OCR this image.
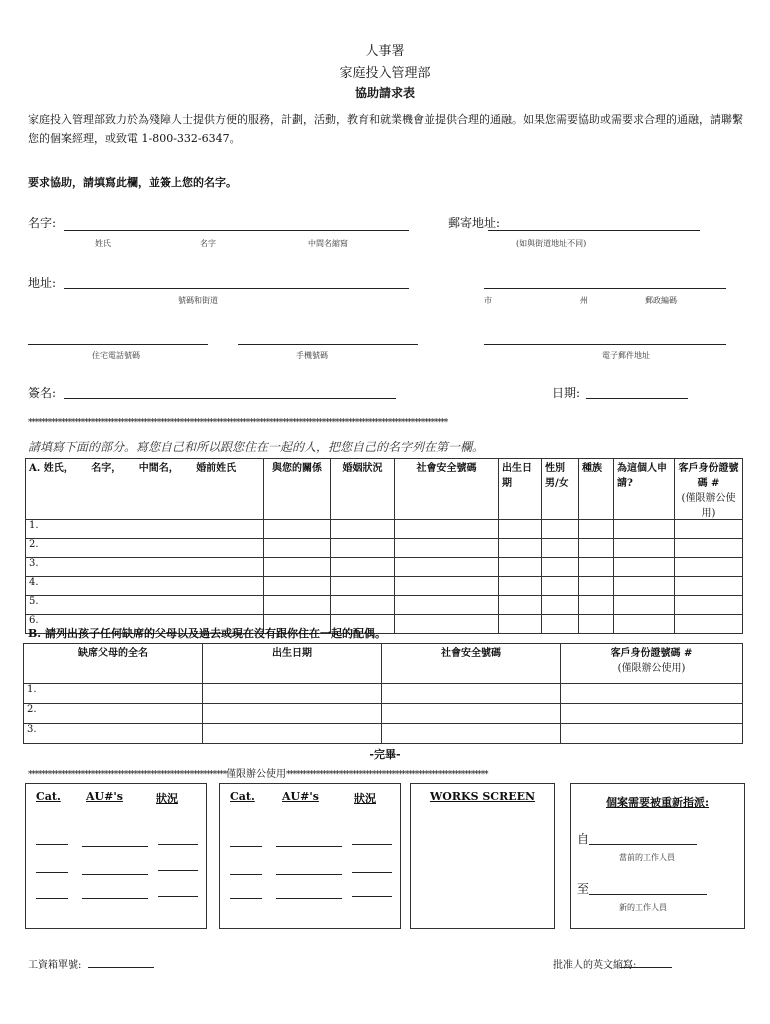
人事署
家庭投入管理部
協助請求表
家庭投入管理部致力於為殘障人士提供方便的服務，計劃，活動，教育和就業機會並提供合理的通融。如果您需要協助或需要求合理的通融，請聯繫您的個案經理，或致電 1-800-332-6347。
要求協助，請填寫此欄，並簽上您的名字。
名字:
姓氏	名字	中間名縮寫
郵寄地址:
(如與街道地址不同)
地址:
號碼和街道	市	州	郵政編碼
住宅電話號碼	手機號碼	電子郵件地址
簽名:	日期:
*******************************************************************************************************************************
請填寫下面的部分。寫您自己和所以跟您住在一起的人，把您自己的名字列在第一欄。
A. 姓氏， 名字， 中間名， 婚前姓氏	與您的關係	婚姻狀況	社會安全號碼	出生日期	性別 男/女	種族	為這個人申請?	客戶身份證號碼 #
(僅限辦公使用)

1.								
2.								
3.								
4.								
5.								
6.								
B. 請列出孩子任何缺席的父母以及過去或現在沒有跟你住在一起的配偶。
缺席父母的全名	出生日期	社會安全號碼	客戶身份證號碼 #
(僅限辦公使用)

1.			
2.			
3.			
-完畢-
************************************************************僅限辦公使用*************************************************************
Cat. AU#'s	狀況	Cat. AU#'s	狀況	WORKS SCREEN	個案需要被重新指派:
自
當前的工作人員
至
新的工作人員
工資箱單號:	批准人的英文縮寫:
